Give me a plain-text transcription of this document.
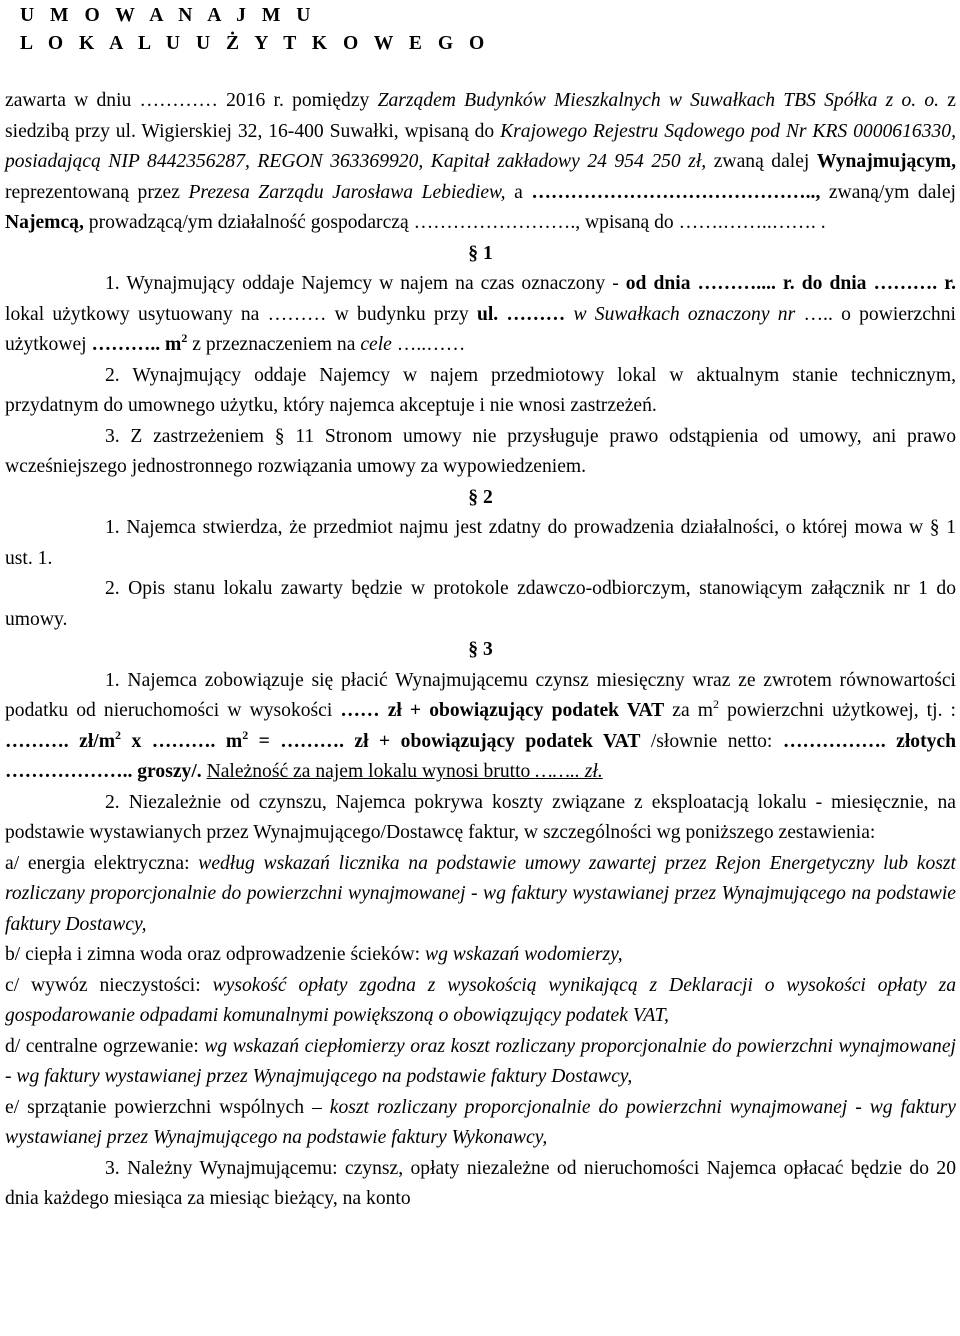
U M O W A N A J M U
L O K A L U U Ż Y T K O W E G O

zawarta w dniu ………… 2016 r. pomiędzy Zarządem Budynków Mieszkalnych w Suwałkach TBS Spółka z o. o. z siedzibą przy ul. Wigierskiej 32, 16-400 Suwałki, wpisaną do Krajowego Rejestru Sądowego pod Nr KRS 0000616330, posiadającą NIP 8442356287, REGON 363369920, Kapitał zakładowy 24 954 250 zł, zwaną dalej Wynajmującym, reprezentowaną przez Prezesa Zarządu Jarosława Lebiediew, a …………………………………….., zwaną/ym dalej Najemcą, prowadzącą/ym działalność gospodarczą ……………………., wpisaną do …….……..……. .

§ 1

1. Wynajmujący oddaje Najemcy w najem na czas oznaczony - od dnia ……….... r. do dnia ………. r. lokal użytkowy usytuowany na ……… w budynku przy ul. ……… w Suwałkach oznaczony nr ….. o powierzchni użytkowej ……….. $m^2$ z przeznaczeniem na cele …..……

2. Wynajmujący oddaje Najemcy w najem przedmiotowy lokal w aktualnym stanie technicznym, przydatnym do umownego użytku, który najemca akceptuje i nie wnosi zastrzeżeń.

3. Z zastrzeżeniem § 11 Stronom umowy nie przysługuje prawo odstąpienia od umowy, ani prawo wcześniejszego jednostronnego rozwiązania umowy za wypowiedzeniem.

§ 2

1. Najemca stwierdza, że przedmiot najmu jest zdatny do prowadzenia działalności, o której mowa w § 1 ust. 1.

2. Opis stanu lokalu zawarty będzie w protokole zdawczo-odbiorczym, stanowiącym załącznik nr 1 do umowy.

§ 3

1. Najemca zobowiązuje się płacić Wynajmującemu czynsz miesięczny wraz ze zwrotem równowartości podatku od nieruchomości w wysokości …… zł + obowiązujący podatek VAT za $m^2$ powierzchni użytkowej, tj. : ………. $zł/m^2$ x ………. $m^2$ = ………. zł + obowiązujący podatek VAT /słownie netto: ……………. złotych ……………….. groszy/. Należność za najem lokalu wynosi brutto …….. zł.

2. Niezależnie od czynszu, Najemca pokrywa koszty związane z eksploatacją lokalu - miesięcznie, na podstawie wystawianych przez Wynajmującego/Dostawcę faktur, w szczególności wg poniższego zestawienia:

a/ energia elektryczna: według wskazań licznika na podstawie umowy zawartej przez Rejon Energetyczny lub koszt rozliczany proporcjonalnie do powierzchni wynajmowanej - wg faktury wystawianej przez Wynajmującego na podstawie faktury Dostawcy,

b/ ciepła i zimna woda oraz odprowadzenie ścieków: wg wskazań wodomierzy,

c/ wywóz nieczystości: wysokość opłaty zgodna z wysokością wynikającą z Deklaracji o wysokości opłaty za gospodarowanie odpadami komunalnymi powiększoną o obowiązujący podatek VAT,

d/ centralne ogrzewanie: wg wskazań ciepłomierzy oraz koszt rozliczany proporcjonalnie do powierzchni wynajmowanej - wg faktury wystawianej przez Wynajmującego na podstawie faktury Dostawcy,

e/ sprzątanie powierzchni wspólnych – koszt rozliczany proporcjonalnie do powierzchni wynajmowanej - wg faktury wystawianej przez Wynajmującego na podstawie faktury Wykonawcy,

3. Należny Wynajmującemu: czynsz, opłaty niezależne od nieruchomości Najemca opłacać będzie do 20 dnia każdego miesiąca za miesiąc bieżący, na konto
